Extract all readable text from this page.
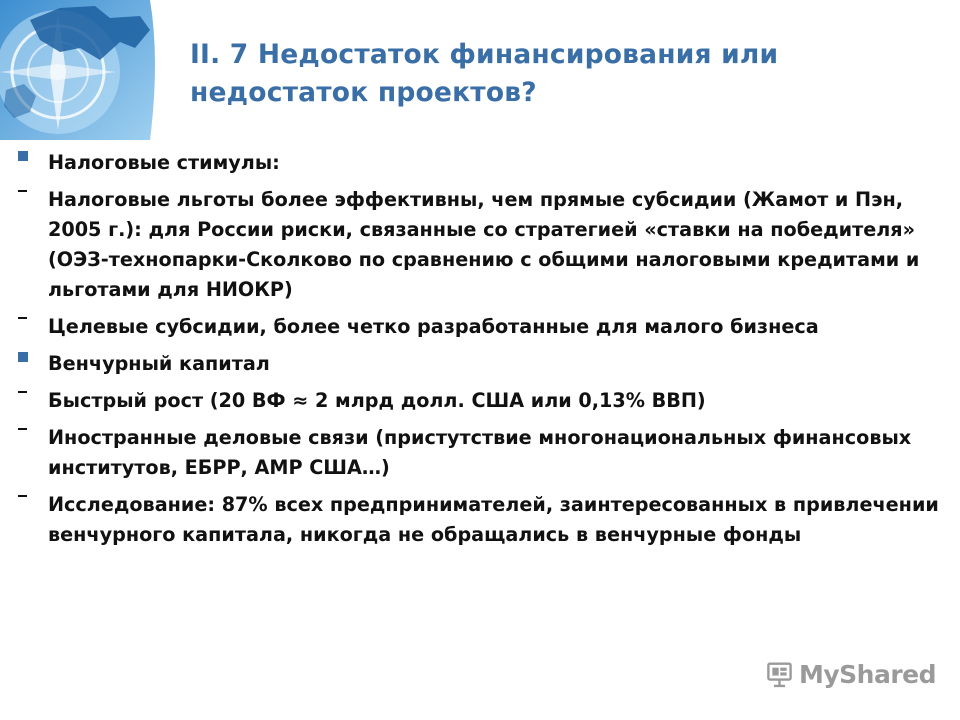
II. 7 Недостаток финансирования или недостаток проектов?
Налоговые стимулы:
Налоговые льготы более эффективны, чем прямые субсидии (Жамот и Пэн, 2005 г.): для России риски, связанные со стратегией «ставки на победителя» (ОЭЗ-технопарки-Сколково по сравнению с общими налоговыми кредитами и льготами для НИОКР)
Целевые субсидии, более четко разработанные для малого бизнеса
Венчурный капитал
Быстрый рост (20 ВФ ≈ 2 млрд долл. США или 0,13% ВВП)
Иностранные деловые связи (пристутствие многонациональных финансовых институтов, ЕБРР, АМР США…)
Исследование: 87% всех предпринимателей, заинтересованных в привлечении венчурного капитала, никогда не обращались в венчурные фонды
MyShared
